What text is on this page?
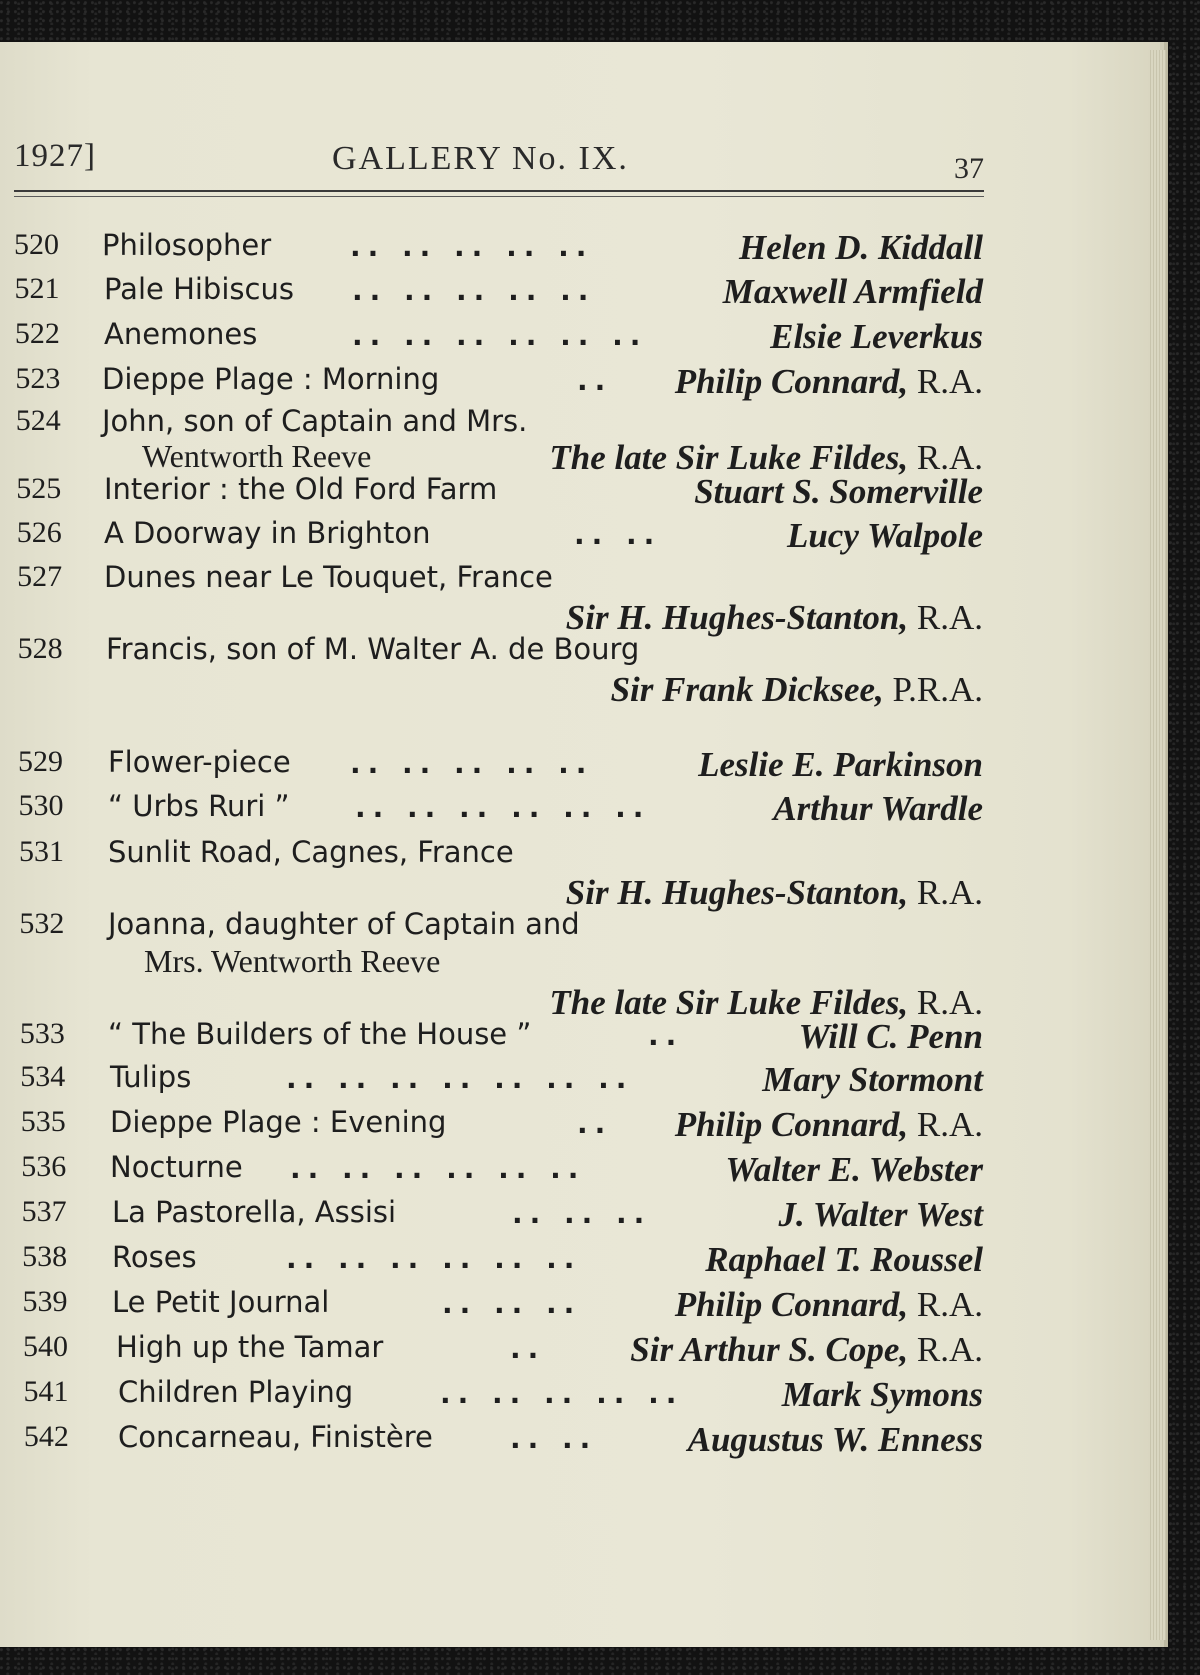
1927]	GALLERY No. IX.	37
520	Philosopher	.. .. .. .. ..	Helen D. Kiddall
521	Pale Hibiscus .. .. .. .. ..	Maxwell Armfield
522	Anemones	.. .. .. .. .. ..	Elsie Leverkus
523	Dieppe Plage : Morning	.. Philip Connard, R.A.
524	John, son of Captain and Mrs.
Wentworth Reeve	The late Sir Luke Fildes, R.A.
525	Interior : the Old Ford Farm	Stuart S. Somerville
526	A Doorway in Brighton	.. ..	Lucy Walpole
527	Dunes near Le Touquet, France
Sir H. Hughes-Stanton, R.A.
528	Francis, son of M. Walter A. de Bourg
Sir Frank Dicksee, P.R.A.
529	Flower-piece .. .. .. .. ..	Leslie E. Parkinson
530	“ Urbs Ruri ” .. .. .. .. .. ..	Arthur Wardle
531	Sunlit Road, Cagnes, France
Sir H. Hughes-Stanton, R.A.
532	Joanna, daughter of Captain and
Mrs. Wentworth Reeve
The late Sir Luke Fildes, R.A.
533	“ The Builders of the House ”	..	Will C. Penn
534	Tulips	.. .. .. .. .. .. ..	Mary Stormont
535	Dieppe Plage : Evening	.. Philip Connard, R.A.
536	Nocturne .. .. .. .. .. ..	Walter E. Webster
537	La Pastorella, Assisi	.. .. ..	J. Walter West
538	Roses	.. .. .. .. .. ..	Raphael T. Roussel
539	Le Petit Journal	.. .. ..	Philip Connard, R.A.
540	High up the Tamar	.. Sir Arthur S. Cope, R.A.
541	Children Playing	.. .. .. .. ..	Mark Symons
542	Concarneau, Finistère	.. ..	Augustus W. Enness
